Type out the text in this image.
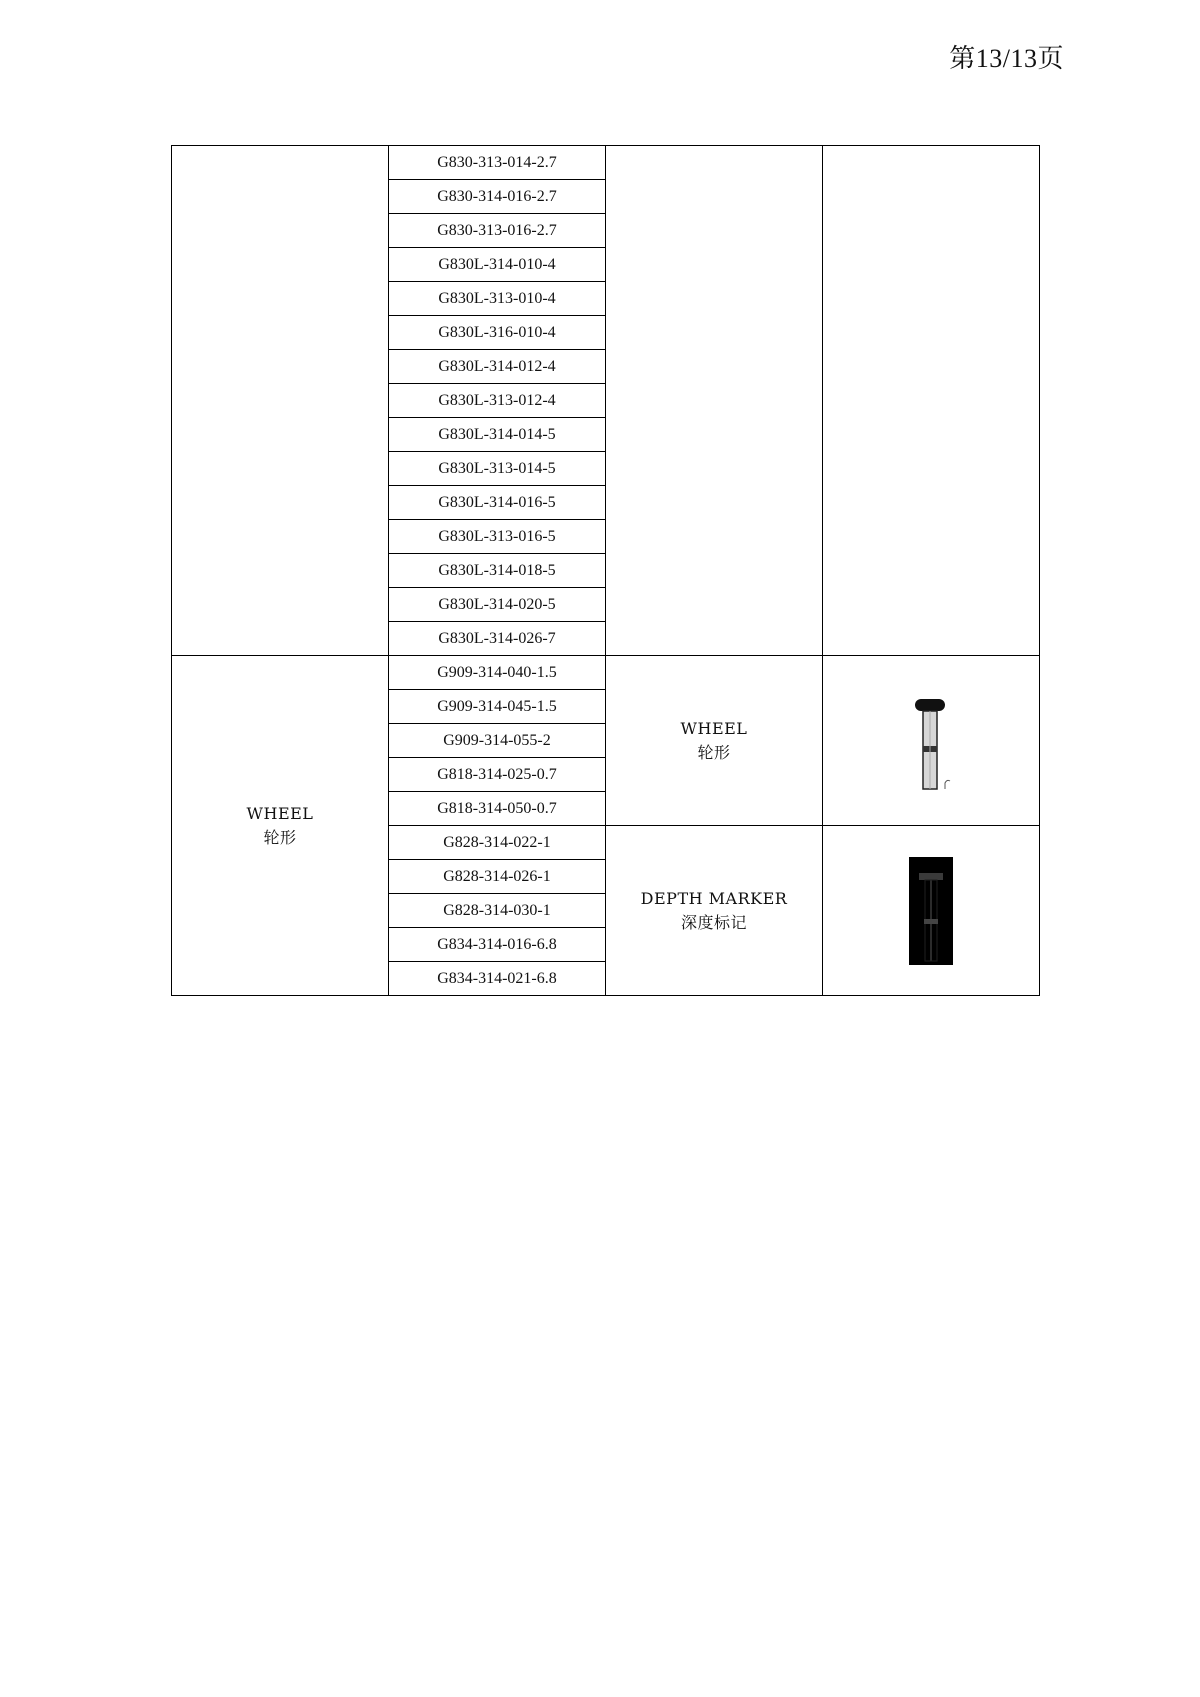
第13/13页
	G830-313-014-2.7		
	G830-314-016-2.7		
	G830-313-016-2.7		
	G830L-314-010-4		
	G830L-313-010-4		
	G830L-316-010-4		
	G830L-314-012-4		
	G830L-313-012-4		
	G830L-314-014-5		
	G830L-313-014-5		
	G830L-314-016-5		
	G830L-313-016-5		
	G830L-314-018-5		
	G830L-314-020-5		
	G830L-314-026-7		

WHEEL
轮形	G909-314-040-1.5	WHEEL
轮形

	G909-314-045-1.5		
	G909-314-055-2		
	G818-314-025-0.7		
	G818-314-050-0.7		
	G828-314-022-1	DEPTH MARKER
深度标记

	G828-314-026-1		
	G828-314-030-1		
	G834-314-016-6.8		
	G834-314-021-6.8		
